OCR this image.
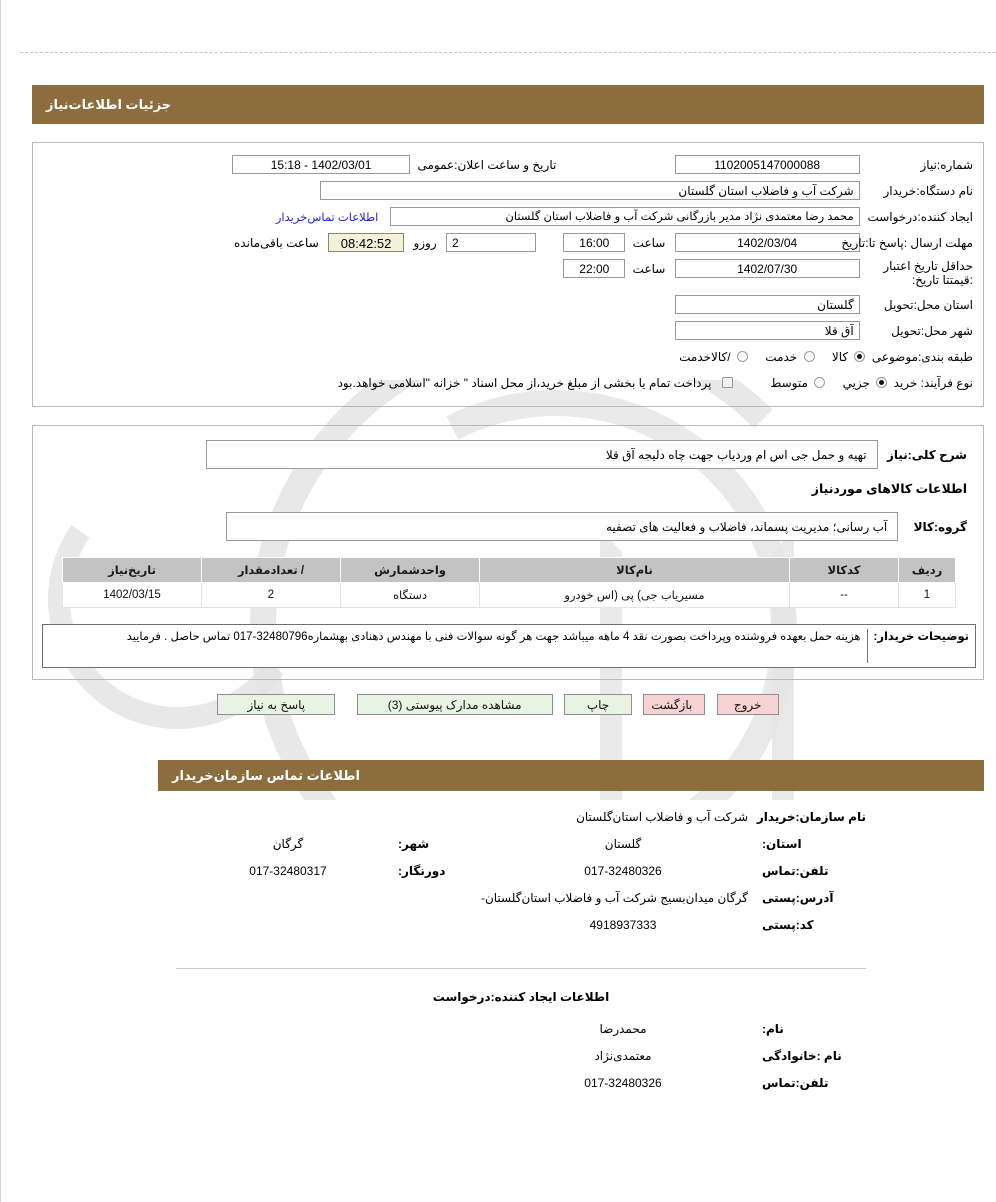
جزئیات اطلاعات‌نیاز
شماره:نیاز 1102005147000088 تاریخ و ساعت اعلان:عمومی 1402/03/01 - 15:18
نام دستگاه:خریدار شرکت آب و فاضلاب استان گلستان
ایجاد کننده:درخواست محمد رضا معتمدی نژاد مدیر بازرگانی شرکت آب و فاضلاب استان گلستان اطلاعات تماس‌خریدار
مهلت ارسال :پاسخ تا:تاریخ 1402/03/04 ساعت 16:00 2 روزو 08:42:52 ساعت باقی‌مانده
حداقل تاریخ اعتبار :قیمتتا تاریخ: 1402/07/30 ساعت 22:00
استان محل:تحویل گلستان
شهر محل:تحویل آق قلا
طبقه بندی:موضوعی  کالا  خدمت  /کالاخدمت
نوع فرآیند: خرید  جزيي  متوسط  پرداخت تمام یا بخشی از مبلغ خرید،از محل اسناد " خزانه "اسلامی خواهد.بود
شرح کلی:نیاز تهیه و حمل جی اس ام وردیاب جهت چاه دلیجه آق قلا
اطلاعات کالاهای موردنیاز
گروه:کالا آب رسانی؛ مدیریت پسماند، فاضلاب و فعالیت های تصفیه
ردیف	کدکالا	نام‌کالا	واحدشمارش	/ تعدادمقدار	تاریخ‌نیاز
1	--	مسیریاب جی) پی (اس خودرو	دستگاه	2	1402/03/15
توضیحات خریدار:
هزینه حمل بعهده فروشنده وپرداخت بصورت نقد 4 ماهه میباشد جهت هر گونه سوالات فنی با مهندس دهنادی بهشماره32480796-017 تماس حاصل . فرمایید
خروج بازگشت چاپ مشاهده مدارک پیوستی (3) پاسخ به نیاز
اطلاعات تماس سازمان‌خریدار
نام سازمان:خریدار
شرکت آب و فاضلاب استان‌گلستان
استان:
گلستان
شهر:
گرگان
تلفن:تماس
017-32480326
دورنگار:
017-32480317
آدرس:پستی
گرگان میدان‌بسیج شرکت آب و فاضلاب استان‌گلستان-
کد:پستی
4918937333
اطلاعات ایجاد کننده:درخواست
نام:
محمدرضا
نام :خانوادگی
معتمدی‌نژاد
تلفن:تماس
017-32480326
